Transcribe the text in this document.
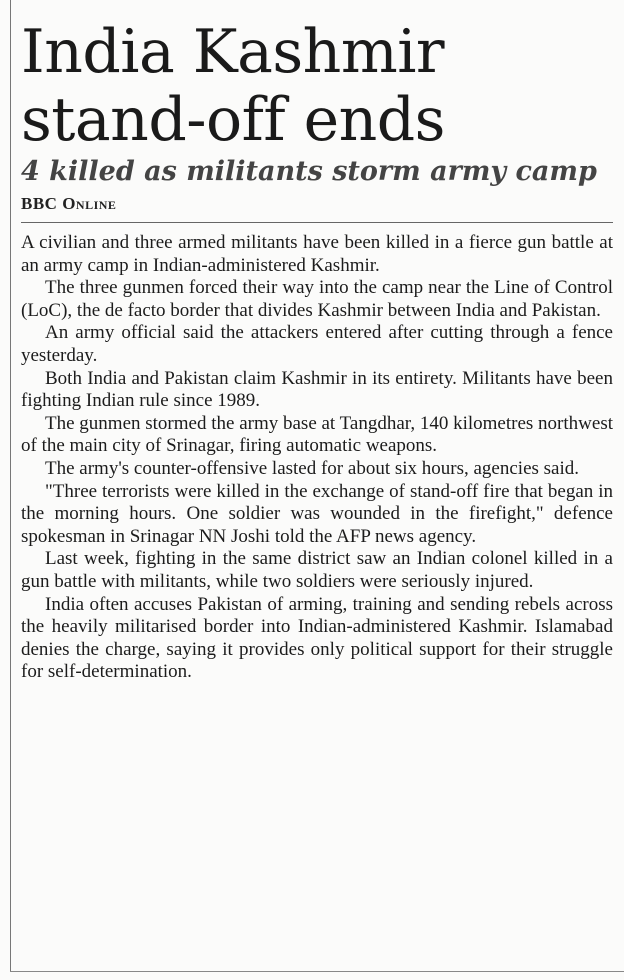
India Kashmir stand-off ends
4 killed as militants storm army camp
BBC Online

A civilian and three armed militants have been killed in a fierce gun battle at an army camp in Indian-administered Kashmir.

The three gunmen forced their way into the camp near the Line of Control (LoC), the de facto border that divides Kashmir between India and Pakistan.

An army official said the attackers entered after cutting through a fence yesterday.

Both India and Pakistan claim Kashmir in its entirety. Militants have been fighting Indian rule since 1989.

The gunmen stormed the army base at Tangdhar, 140 kilometres northwest of the main city of Srinagar, firing automatic weapons.

The army's counter-offensive lasted for about six hours, agencies said.

"Three terrorists were killed in the exchange of stand-off fire that began in the morning hours. One soldier was wounded in the firefight," defence spokesman in Srinagar NN Joshi told the AFP news agency.

Last week, fighting in the same district saw an Indian colonel killed in a gun battle with militants, while two soldiers were seriously injured.

India often accuses Pakistan of arming, training and sending rebels across the heavily militarised border into Indian-administered Kashmir. Islamabad denies the charge, saying it provides only political support for their struggle for self-determination.
